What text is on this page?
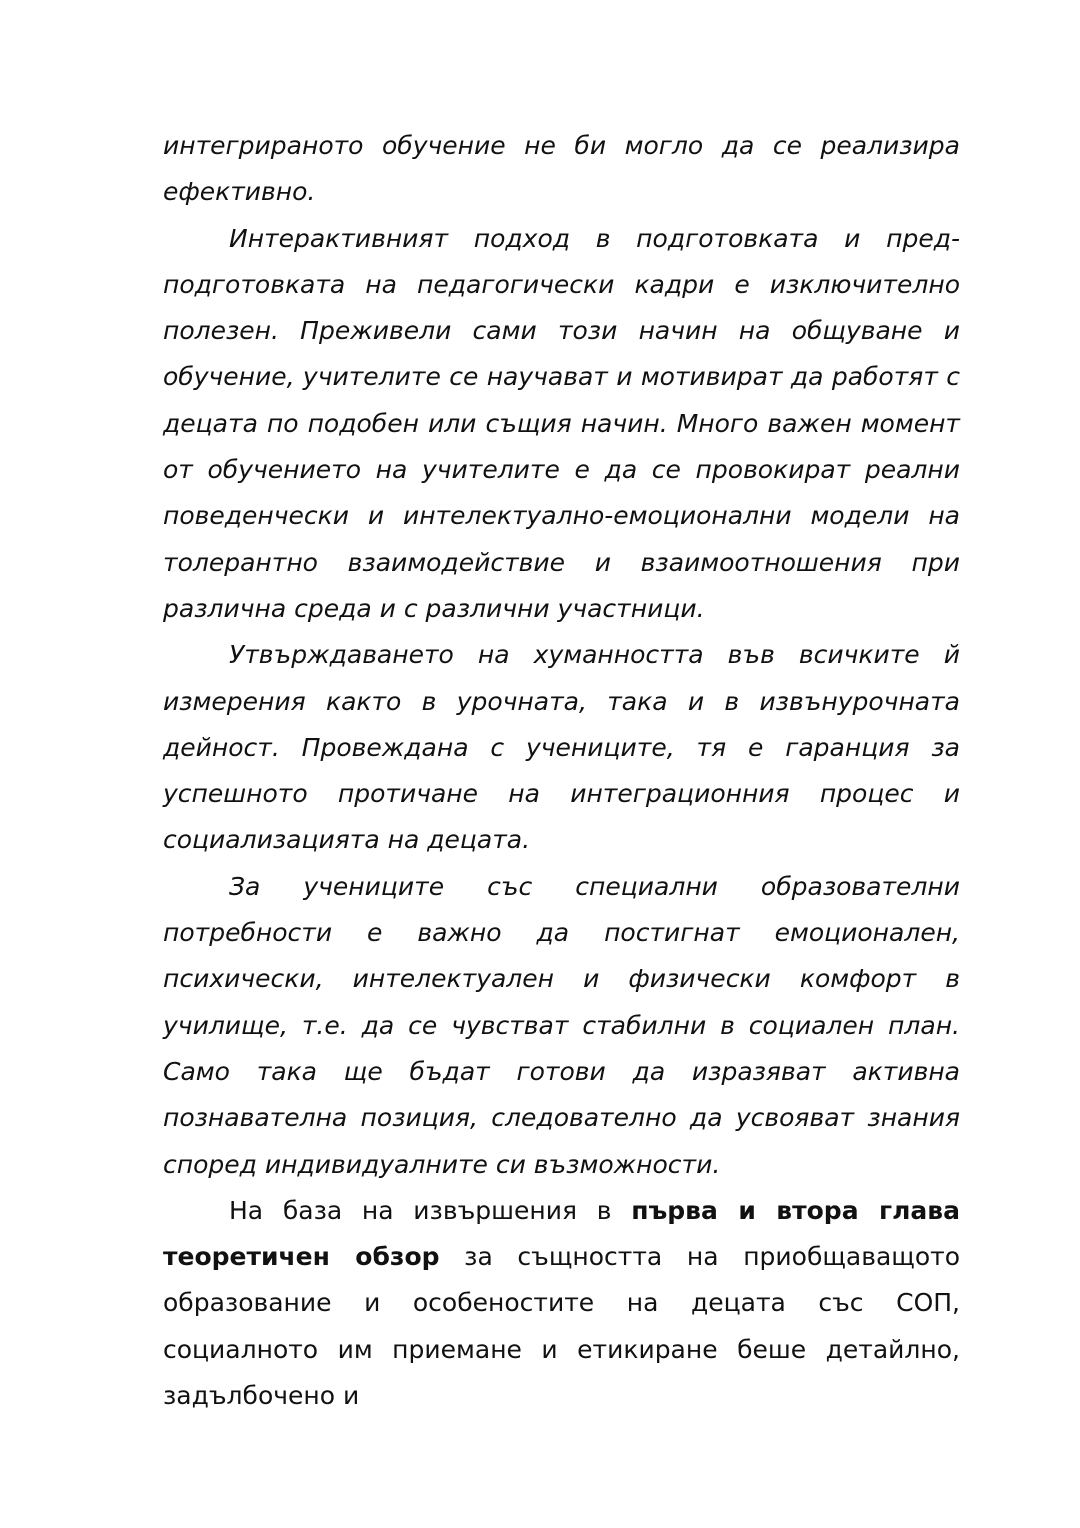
интегрираното обучение не би могло да се реализира ефективно.

Интерактивният подход в подготовката и пред-подготовката на педагогически кадри е изключително полезен. Преживели сами този начин на общуване и обучение, учителите се научават и мотивират да работят с децата по подобен или същия начин. Много важен момент от обучението на учителите е да се провокират реални поведенчески и интелектуално-емоционални модели на толерантно взаимодействие и взаимоотношения при различна среда и с различни участници.

Утвърждаването на хуманността във всичките й измерения както в урочната, така и в извънурочната дейност. Провеждана с учениците, тя е гаранция за успешното протичане на интеграционния процес и социализацията на децата.

За учениците със специални образователни потребности е важно да постигнат емоционален, психически, интелектуален и физически комфорт в училище, т.е. да се чувстват стабилни в социален план. Само така ще бъдат готови да изразяват активна познавателна позиция, следователно да усвояват знания според индивидуалните си възможности.

На база на извършения в първа и втора глава теоретичен обзор за същността на приобщаващото образование и особеностите на децата със СОП, социалното им приемане и етикиране беше детайлно, задълбочено и
